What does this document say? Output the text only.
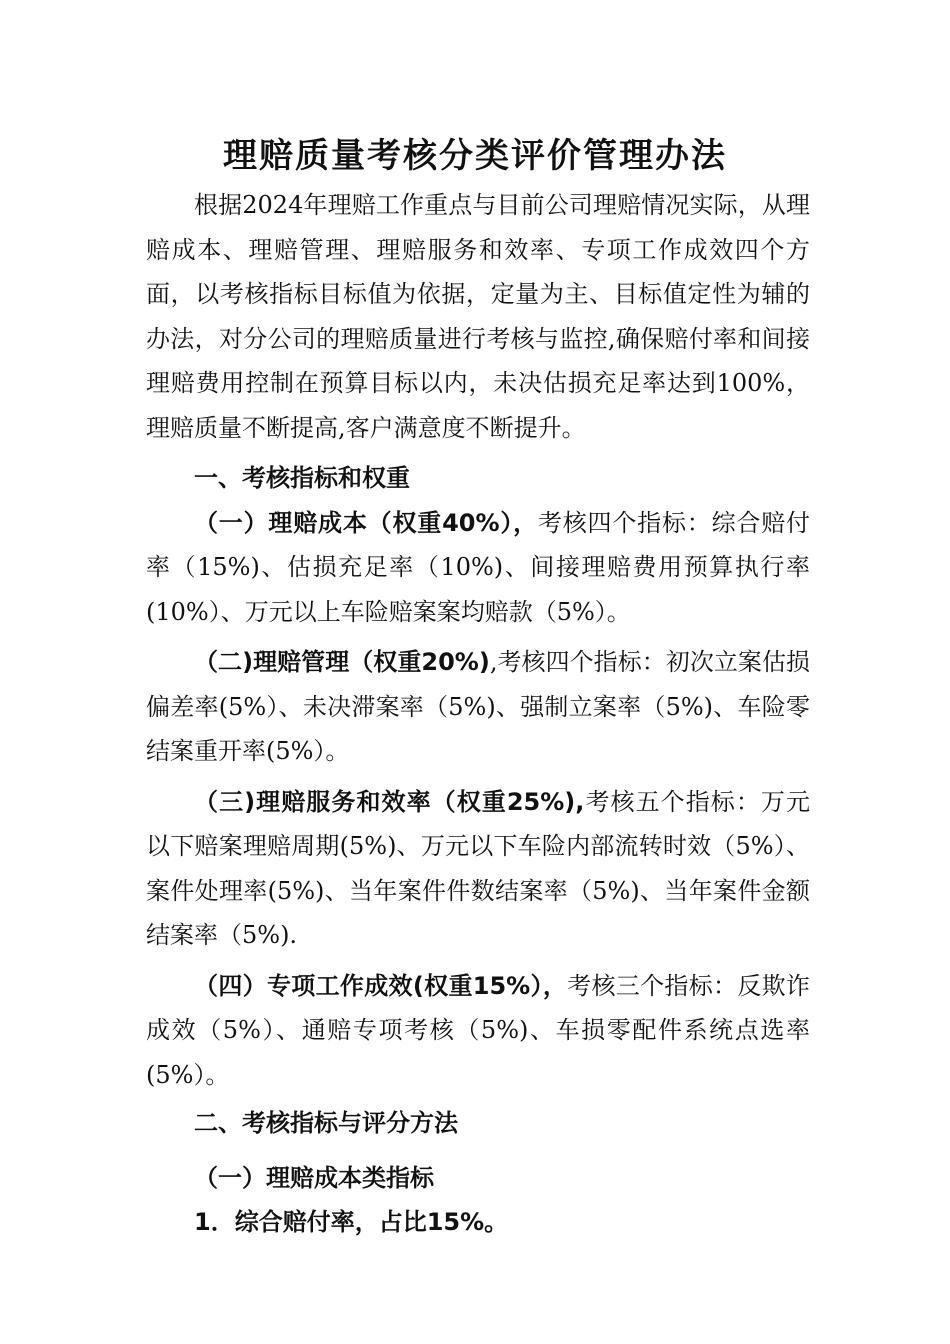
理赔质量考核分类评价管理办法

根据2024年理赔工作重点与目前公司理赔情况实际，从理赔成本、理赔管理、理赔服务和效率、专项工作成效四个方面，以考核指标目标值为依据，定量为主、目标值定性为辅的办法，对分公司的理赔质量进行考核与监控,确保赔付率和间接理赔费用控制在预算目标以内，未决估损充足率达到100%，理赔质量不断提高,客户满意度不断提升。

一、考核指标和权重

（一）理赔成本（权重40%），考核四个指标：综合赔付率（15%)、估损充足率（10%)、间接理赔费用预算执行率(10%）、万元以上车险赔案案均赔款（5%）。

（二)理赔管理（权重20%),考核四个指标：初次立案估损偏差率(5%）、未决滞案率（5%)、强制立案率（5%)、车险零结案重开率(5%）。

（三)理赔服务和效率（权重25%),考核五个指标：万元以下赔案理赔周期(5%)、万元以下车险内部流转时效（5%）、案件处理率(5%)、当年案件件数结案率（5%)、当年案件金额结案率（5%).

（四）专项工作成效(权重15%），考核三个指标：反欺诈成效（5%）、通赔专项考核（5%)、车损零配件系统点选率(5%）。

二、考核指标与评分方法

（一）理赔成本类指标

1．综合赔付率，占比15%。
